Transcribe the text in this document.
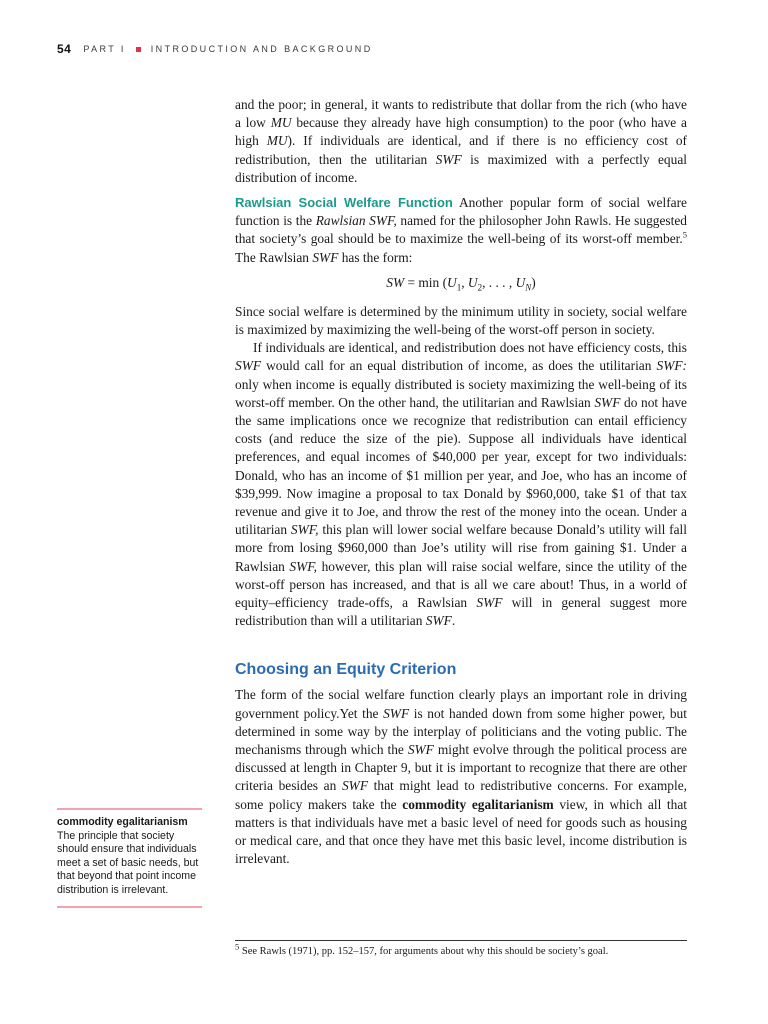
54 PART I	INTRODUCTION AND BACKGROUND

and the poor; in general, it wants to redistribute that dollar from the rich (who have a low MU because they already have high consumption) to the poor (who have a high MU). If individuals are identical, and if there is no efficiency cost of redistribution, then the utilitarian SWF is maximized with a perfectly equal distribution of income.

Rawlsian Social Welfare Function Another popular form of social welfare function is the Rawlsian SWF, named for the philosopher John Rawls. He suggested that society’s goal should be to maximize the well-being of its worst-off member.$^5$ The Rawlsian SWF has the form:

SW = $\min (U_1$, $U_2$, . . . , $U_N$)

Since social welfare is determined by the minimum utility in society, social welfare is maximized by maximizing the well-being of the worst-off person in society.

If individuals are identical, and redistribution does not have efficiency costs, this SWF would call for an equal distribution of income, as does the utilitarian SWF: only when income is equally distributed is society maximizing the well-being of its worst-off member. On the other hand, the utilitarian and Rawlsian SWF do not have the same implications once we recognize that redistribution can entail efficiency costs (and reduce the size of the pie). Suppose all individuals have identical preferences, and equal incomes of $40,000 per year, except for two individuals: Donald, who has an income of $1 million per year, and Joe, who has an income of $39,999. Now imagine a proposal to tax Donald by $960,000, take $1 of that tax revenue and give it to Joe, and throw the rest of the money into the ocean. Under a utilitarian SWF, this plan will lower social welfare because Donald’s utility will fall more from losing $960,000 than Joe’s utility will rise from gaining $1. Under a Rawlsian SWF, however, this plan will raise social welfare, since the utility of the worst-off person has increased, and that is all we care about! Thus, in a world of equity–efficiency trade-offs, a Rawlsian SWF will in general suggest more redistribution than will a utilitarian SWF.

Choosing an Equity Criterion

The form of the social welfare function clearly plays an important role in driving government policy.Yet the SWF is not handed down from some higher power, but determined in some way by the interplay of politicians and the voting public. The mechanisms through which the SWF might evolve through the political process are discussed at length in Chapter 9, but it is important to recognize that there are other criteria besides an SWF that might lead to redistributive concerns. For example, some policy makers take the commodity egalitarianism view, in which all that matters is that individuals have met a basic level of need for goods such as housing or medical care, and that once they have met this basic level, income distribution is irrelevant.

commodity egalitarianism
The principle that society should ensure that individuals meet a set of basic needs, but that beyond that point income distribution is irrelevant.
$^5$ See Rawls (1971), pp. 152–157, for arguments about why this should be society’s goal.
